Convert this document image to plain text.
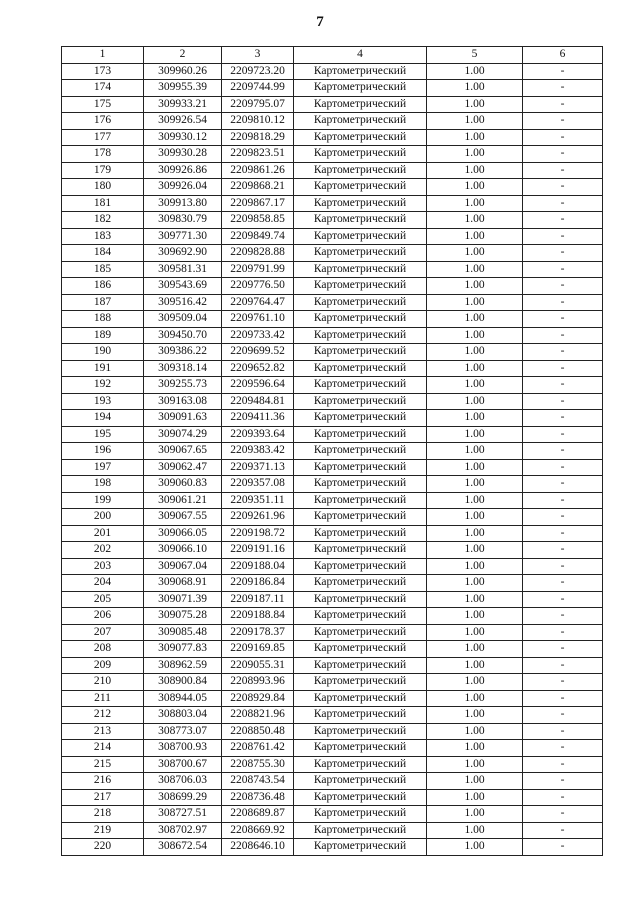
7
1	2	3	4	5	6
173	309960.26	2209723.20	Картометрический	1.00	-
174	309955.39	2209744.99	Картометрический	1.00	-
175	309933.21	2209795.07	Картометрический	1.00	-
176	309926.54	2209810.12	Картометрический	1.00	-
177	309930.12	2209818.29	Картометрический	1.00	-
178	309930.28	2209823.51	Картометрический	1.00	-
179	309926.86	2209861.26	Картометрический	1.00	-
180	309926.04	2209868.21	Картометрический	1.00	-
181	309913.80	2209867.17	Картометрический	1.00	-
182	309830.79	2209858.85	Картометрический	1.00	-
183	309771.30	2209849.74	Картометрический	1.00	-
184	309692.90	2209828.88	Картометрический	1.00	-
185	309581.31	2209791.99	Картометрический	1.00	-
186	309543.69	2209776.50	Картометрический	1.00	-
187	309516.42	2209764.47	Картометрический	1.00	-
188	309509.04	2209761.10	Картометрический	1.00	-
189	309450.70	2209733.42	Картометрический	1.00	-
190	309386.22	2209699.52	Картометрический	1.00	-
191	309318.14	2209652.82	Картометрический	1.00	-
192	309255.73	2209596.64	Картометрический	1.00	-
193	309163.08	2209484.81	Картометрический	1.00	-
194	309091.63	2209411.36	Картометрический	1.00	-
195	309074.29	2209393.64	Картометрический	1.00	-
196	309067.65	2209383.42	Картометрический	1.00	-
197	309062.47	2209371.13	Картометрический	1.00	-
198	309060.83	2209357.08	Картометрический	1.00	-
199	309061.21	2209351.11	Картометрический	1.00	-
200	309067.55	2209261.96	Картометрический	1.00	-
201	309066.05	2209198.72	Картометрический	1.00	-
202	309066.10	2209191.16	Картометрический	1.00	-
203	309067.04	2209188.04	Картометрический	1.00	-
204	309068.91	2209186.84	Картометрический	1.00	-
205	309071.39	2209187.11	Картометрический	1.00	-
206	309075.28	2209188.84	Картометрический	1.00	-
207	309085.48	2209178.37	Картометрический	1.00	-
208	309077.83	2209169.85	Картометрический	1.00	-
209	308962.59	2209055.31	Картометрический	1.00	-
210	308900.84	2208993.96	Картометрический	1.00	-
211	308944.05	2208929.84	Картометрический	1.00	-
212	308803.04	2208821.96	Картометрический	1.00	-
213	308773.07	2208850.48	Картометрический	1.00	-
214	308700.93	2208761.42	Картометрический	1.00	-
215	308700.67	2208755.30	Картометрический	1.00	-
216	308706.03	2208743.54	Картометрический	1.00	-
217	308699.29	2208736.48	Картометрический	1.00	-
218	308727.51	2208689.87	Картометрический	1.00	-
219	308702.97	2208669.92	Картометрический	1.00	-
220	308672.54	2208646.10	Картометрический	1.00	-
